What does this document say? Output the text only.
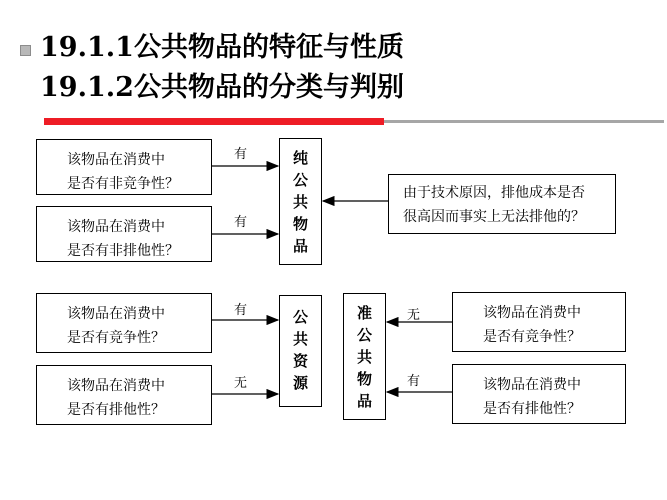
19.1.1公共物品的特征与性质
19.1.2公共物品的分类与判别
该物品在消费中
是否有非竞争性？
该物品在消费中
是否有非排他性？
该物品在消费中
是否有竞争性？
该物品在消费中
是否有排他性？
由于技术原因，排他成本是否
很高因而事实上无法排他的？
该物品在消费中
是否有竞争性？
该物品在消费中
是否有排他性？
纯
公
共
物
品
公
共
资
源
准
公
共
物
品
有
有
有
无
无
有
